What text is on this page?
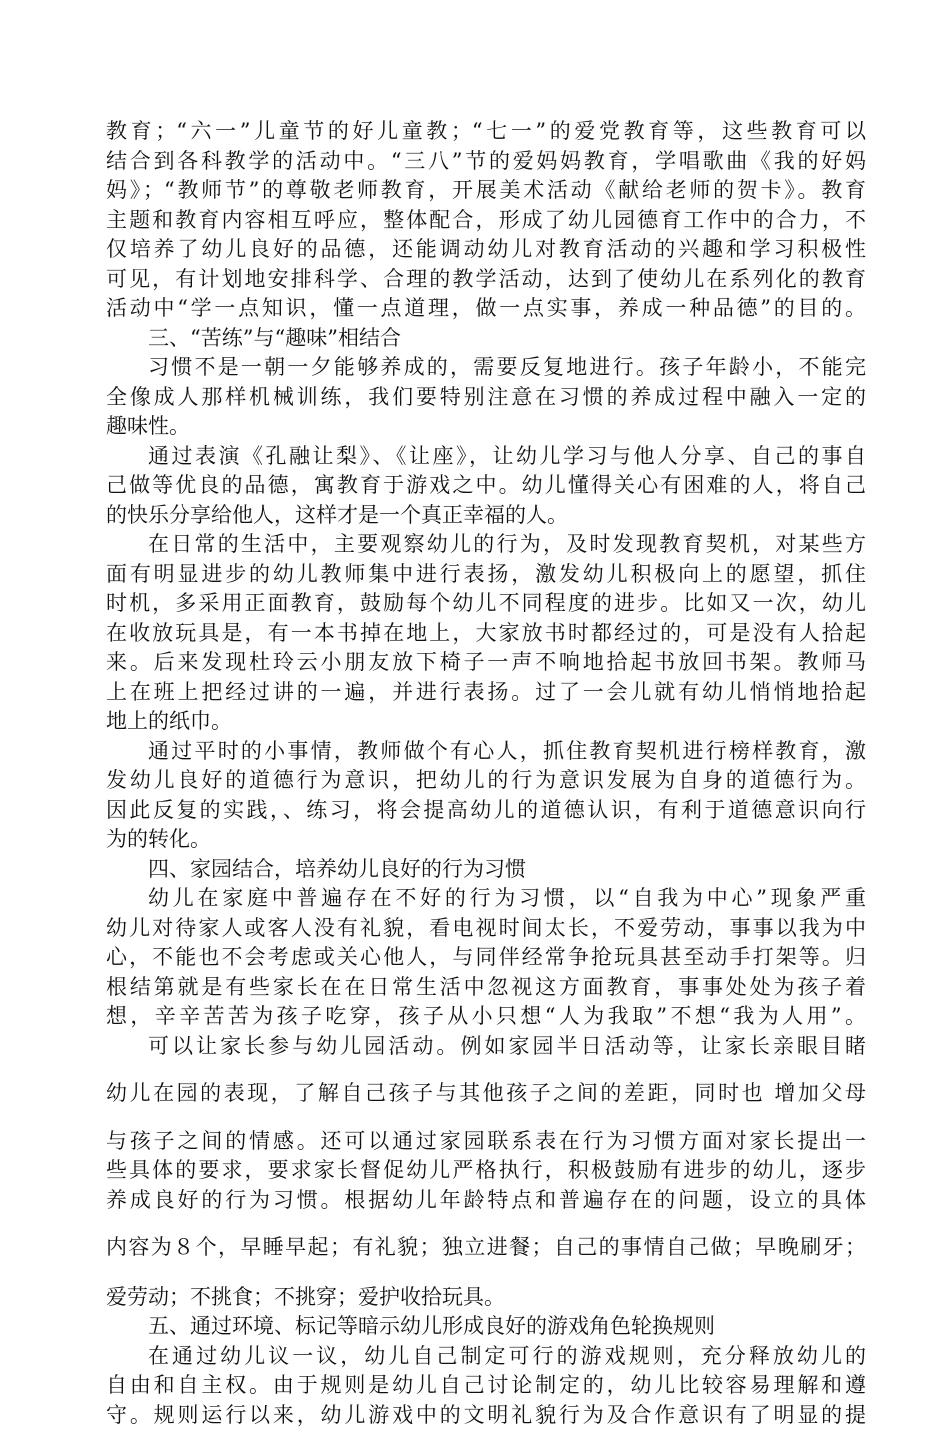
教育；“六一”儿童节的好儿童教；“七一”的爱党教育等，这些教育可以
结合到各科教学的活动中。“三八”节的爱妈妈教育，学唱歌曲《我的好妈
妈》；“教师节”的尊敬老师教育，开展美术活动《献给老师的贺卡》。教育
主题和教育内容相互呼应，整体配合，形成了幼儿园德育工作中的合力，不
仅培养了幼儿良好的品德，还能调动幼儿对教育活动的兴趣和学习积极性
可见，有计划地安排科学、合理的教学活动，达到了使幼儿在系列化的教育
活动中“学一点知识，懂一点道理，做一点实事，养成一种品德”的目的。
三、“苦练”与“趣味”相结合
习惯不是一朝一夕能够养成的，需要反复地进行。孩子年龄小，不能完
全像成人那样机械训练，我们要特别注意在习惯的养成过程中融入一定的
趣味性。
通过表演《孔融让梨》、《让座》，让幼儿学习与他人分享、自己的事自
己做等优良的品德，寓教育于游戏之中。幼儿懂得关心有困难的人，将自己
的快乐分享给他人，这样才是一个真正幸福的人。
在日常的生活中，主要观察幼儿的行为，及时发现教育契机，对某些方
面有明显进步的幼儿教师集中进行表扬，激发幼儿积极向上的愿望，抓住
时机，多采用正面教育，鼓励每个幼儿不同程度的进步。比如又一次，幼儿
在收放玩具是，有一本书掉在地上，大家放书时都经过的，可是没有人拾起
来。后来发现杜玲云小朋友放下椅子一声不响地拾起书放回书架。教师马
上在班上把经过讲的一遍，并进行表扬。过了一会儿就有幼儿悄悄地拾起
地上的纸巾。
通过平时的小事情，教师做个有心人，抓住教育契机进行榜样教育，激
发幼儿良好的道德行为意识，把幼儿的行为意识发展为自身的道德行为。
因此反复的实践，、练习，将会提高幼儿的道德认识，有利于道德意识向行
为的转化。
四、家园结合，培养幼儿良好的行为习惯
幼儿在家庭中普遍存在不好的行为习惯，以“自我为中心”现象严重
幼儿对待家人或客人没有礼貌，看电视时间太长，不爱劳动，事事以我为中
心，不能也不会考虑或关心他人，与同伴经常争抢玩具甚至动手打架等。归
根结第就是有些家长在在日常生活中忽视这方面教育，事事处处为孩子着
想，辛辛苦苦为孩子吃穿，孩子从小只想“人为我取”不想“我为人用”。
可以让家长参与幼儿园活动。例如家园半日活动等，让家长亲眼目睹
幼儿在园的表现，了解自己孩子与其他孩子之间的差距，同时也 增加父母
与孩子之间的情感。还可以通过家园联系表在行为习惯方面对家长提出一
些具体的要求，要求家长督促幼儿严格执行，积极鼓励有进步的幼儿，逐步
养成良好的行为习惯。根据幼儿年龄特点和普遍存在的问题，设立的具体
内容为８个，早睡早起；有礼貌；独立进餐；自己的事情自己做；早晚刷牙；
爱劳动；不挑食；不挑穿；爱护收拾玩具。
五、通过环境、标记等暗示幼儿形成良好的游戏角色轮换规则
在通过幼儿议一议，幼儿自己制定可行的游戏规则，充分释放幼儿的
自由和自主权。由于规则是幼儿自己讨论制定的，幼儿比较容易理解和遵
守。规则运行以来，幼儿游戏中的文明礼貌行为及合作意识有了明显的提
